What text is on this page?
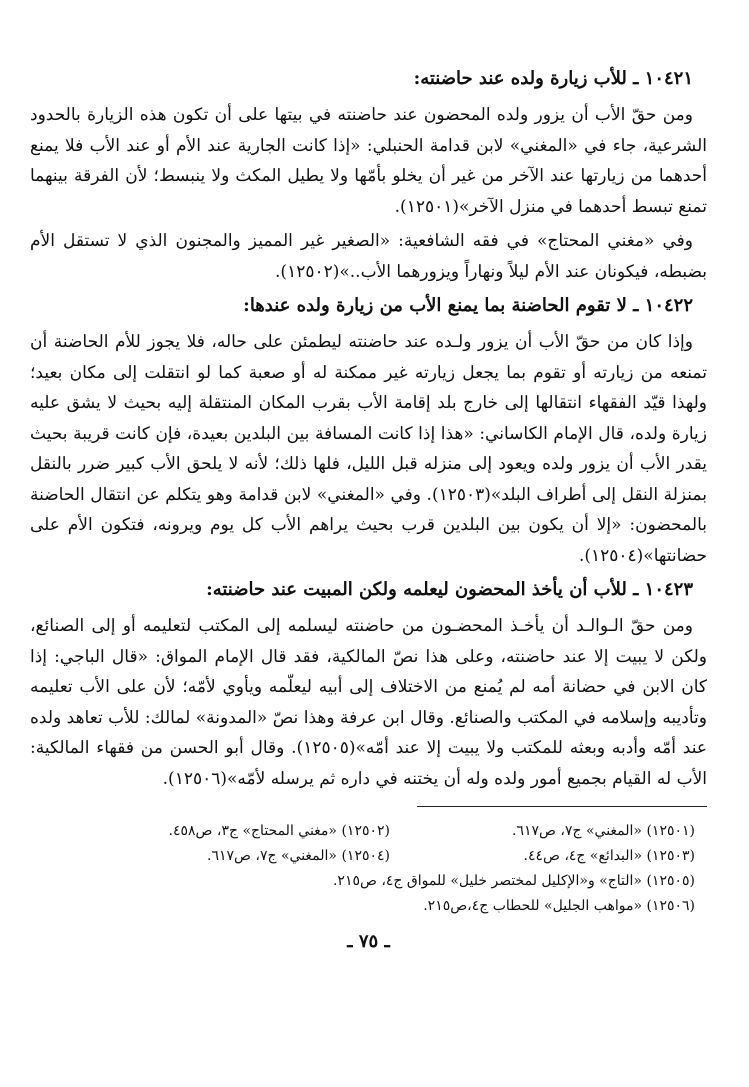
١٠٤٢١ ـ للأب زيارة ولده عند حاضنته:

ومن حقّ الأب أن يزور ولده المحضون عند حاضنته في بيتها على أن تكون هذه الزيارة بالحدود الشرعية، جاء في «المغني» لابن قدامة الحنبلي: «إذا كانت الجارية عند الأم أو عند الأب فلا يمنع أحدهما من زيارتها عند الآخر من غير أن يخلو بأمّها ولا يطيل المكث ولا ينبسط؛ لأن الفرقة بينهما تمنع تبسط أحدهما في منزل الآخر»(١٢٥٠١).

وفي «مغني المحتاج» في فقه الشافعية: «الصغير غير المميز والمجنون الذي لا تستقل الأم بضبطه، فيكونان عند الأم ليلاً ونهاراً ويزورهما الأب..»(١٢٥٠٢).

١٠٤٢٢ ـ لا تقوم الحاضنة بما يمنع الأب من زيارة ولده عندها:

وإذا كان من حقّ الأب أن يزور ولـده عند حاضنته ليطمئن على حاله، فلا يجوز للأم الحاضنة أن تمنعه من زيارته أو تقوم بما يجعل زيارته غير ممكنة له أو صعبة كما لو انتقلت إلى مكان بعيد؛ ولهذا قيّد الفقهاء انتقالها إلى خارج بلد إقامة الأب بقرب المكان المنتقلة إليه بحيث لا يشق عليه زيارة ولده، قال الإمام الكاساني: «هذا إذا كانت المسافة بين البلدين بعيدة، فإن كانت قريبة بحيث يقدر الأب أن يزور ولده ويعود إلى منزله قبل الليل، فلها ذلك؛ لأنه لا يلحق الأب كبير ضرر بالنقل بمنزلة النقل إلى أطراف البلد»(١٢٥٠٣). وفي «المغني» لابن قدامة وهو يتكلم عن انتقال الحاضنة بالمحضون: «إلا أن يكون بين البلدين قرب بحيث يراهم الأب كل يوم ويرونه، فتكون الأم على حضانتها»(١٢٥٠٤).

١٠٤٢٣ ـ للأب أن يأخذ المحضون ليعلمه ولكن المبيت عند حاضنته:

ومن حقّ الـوالـد أن يأخـذ المحضـون من حاضنته ليسلمه إلى المكتب لتعليمه أو إلى الصنائع، ولكن لا يبيت إلا عند حاضنته، وعلى هذا نصّ المالكية، فقد قال الإمام المواق: «قال الباجي: إذا كان الابن في حضانة أمه لم يُمنع من الاختلاف إلى أبيه ليعلّمه ويأوي لأمّه؛ لأن على الأب تعليمه وتأديبه وإسلامه في المكتب والصنائع. وقال ابن عرفة وهذا نصّ «المدونة» لمالك: للأب تعاهد ولده عند أمّه وأدبه وبعثه للمكتب ولا يبيت إلا عند أمّه»(١٢٥٠٥). وقال أبو الحسن من فقهاء المالكية: الأب له القيام بجميع أمور ولده وله أن يختنه في داره ثم يرسله لأمّه»(١٢٥٠٦).

(١٢٥٠١) «المغني» ج٧، ص٦١٧.
(١٢٥٠٢) «مغني المحتاج» ج٣، ص٤٥٨.
(١٢٥٠٣) «البدائع» ج٤، ص٤٤.
(١٢٥٠٤) «المغني» ج٧، ص٦١٧.
(١٢٥٠٥) «التاج» و«الإكليل لمختصر خليل» للمواق ج٤، ص٢١٥.
(١٢٥٠٦) «مواهب الجليل» للحطاب ج٤،ص٢١٥.
ـ ٧٥ ـ
